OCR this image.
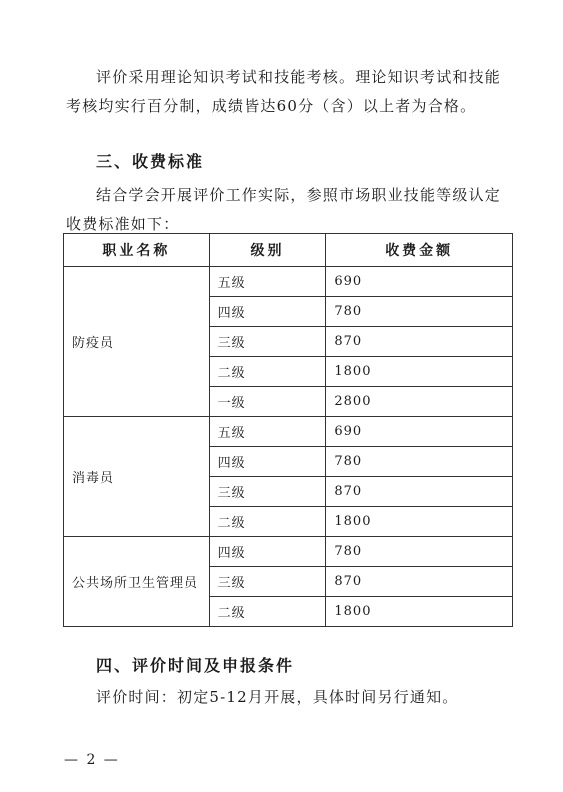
评价采用理论知识考试和技能考核。理论知识考试和技能考核均实行百分制，成绩皆达60分（含）以上者为合格。

三、收费标准

结合学会开展评价工作实际，参照市场职业技能等级认定收费标准如下：

职业名称	级别	收费金额
防疫员	五级	690
	四级	780
	三级	870
	二级	1800
	一级	2800
消毒员	五级	690
	四级	780
	三级	870
	二级	1800
公共场所卫生管理员	四级	780
	三级	870
	二级	1800
四、评价时间及申报条件

评价时间：初定5-12月开展，具体时间另行通知。

— 2 —
